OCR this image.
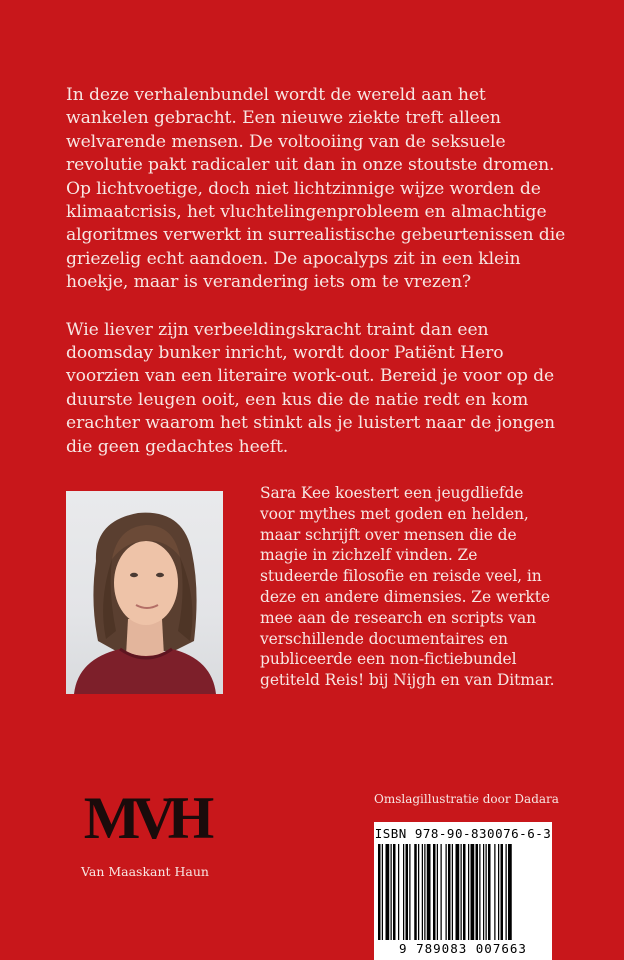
In deze verhalenbundel wordt de wereld aan het wankelen gebracht. Een nieuwe ziekte treft alleen welvarende mensen. De voltooiing van de seksuele revolutie pakt radicaler uit dan in onze stoutste dromen. Op lichtvoetige, doch niet lichtzinnige wijze worden de klimaatcrisis, het vluchtelingenprobleem en almachtige algoritmes verwerkt in surrealistische gebeurtenissen die griezelig echt aandoen. De apocalyps zit in een klein hoekje, maar is verandering iets om te vrezen?

Wie liever zijn verbeeldingskracht traint dan een doomsday bunker inricht, wordt door Patiënt Hero voorzien van een literaire work-out. Bereid je voor op de duurste leugen ooit, een kus die de natie redt en kom erachter waarom het stinkt als je luistert naar de jongen die geen gedachtes heeft.

Sara Kee koestert een jeugdliefde voor mythes met goden en helden, maar schrijft over mensen die de magie in zichzelf vinden. Ze studeerde filosofie en reisde veel, in deze en andere dimensies. Ze werkte mee aan de research en scripts van verschillende documentaires en publiceerde een non-fictiebundel getiteld Reis! bij Nijgh en van Ditmar.

MVH
Van Maaskant Haun
Omslagillustratie door Dadara
ISBN 978-90-830076-6-3
9 789083 007663
